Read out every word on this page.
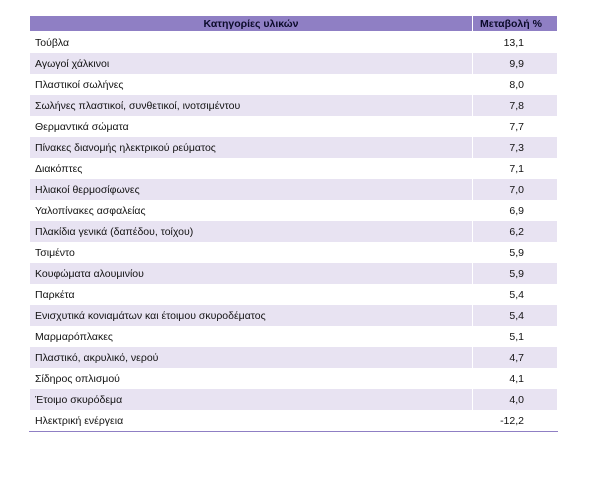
Κατηγορίες υλικών	Μεταβολή %
Τούβλα	13,1
Αγωγοί χάλκινοι	9,9
Πλαστικοί σωλήνες	8,0
Σωλήνες πλαστικοί, συνθετικοί, ινοτσιμέντου	7,8
Θερμαντικά σώματα	7,7
Πίνακες διανομής ηλεκτρικού ρεύματος	7,3
Διακόπτες	7,1
Ηλιακοί θερμοσίφωνες	7,0
Υαλοπίνακες ασφαλείας	6,9
Πλακίδια γενικά (δαπέδου, τοίχου)	6,2
Τσιμέντο	5,9
Κουφώματα αλουμινίου	5,9
Παρκέτα	5,4
Ενισχυτικά κονιαμάτων και έτοιμου σκυροδέματος	5,4
Μαρμαρόπλακες	5,1
Πλαστικό, ακρυλικό, νερού	4,7
Σίδηρος οπλισμού	4,1
Έτοιμο σκυρόδεμα	4,0
Ηλεκτρική ενέργεια	-12,2
